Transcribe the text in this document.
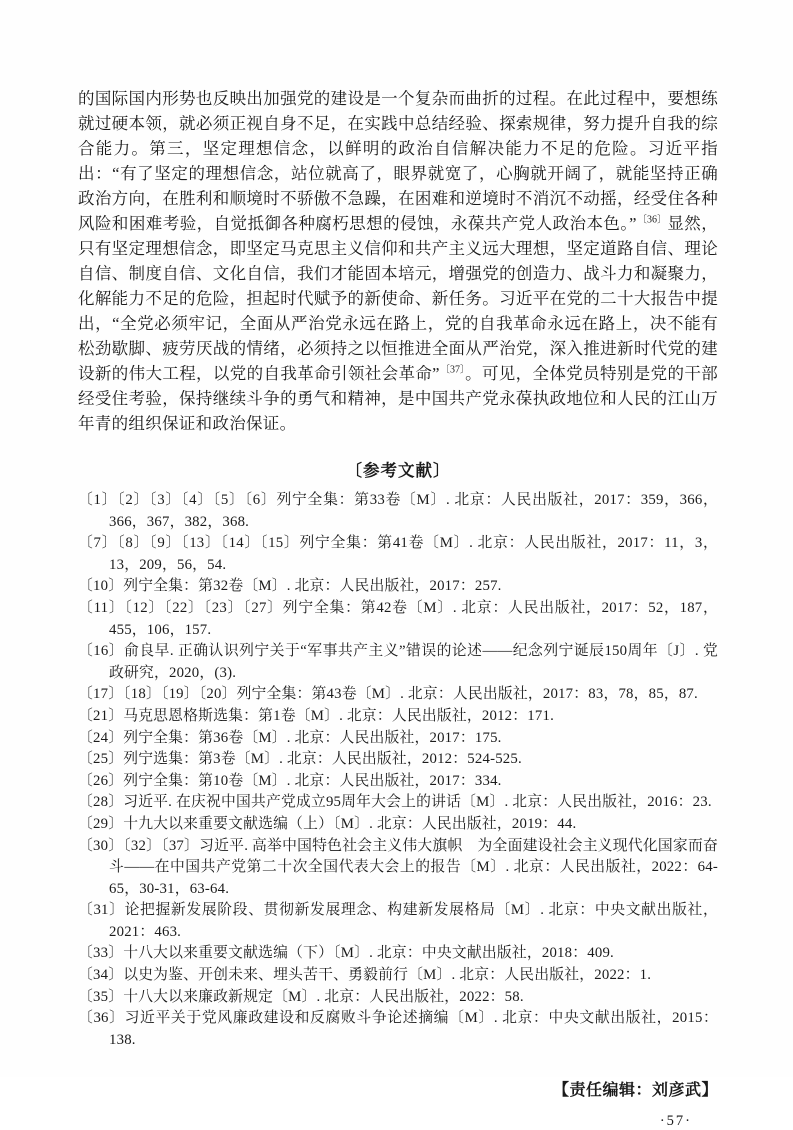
的国际国内形势也反映出加强党的建设是一个复杂而曲折的过程。在此过程中，要想练就过硬本领，就必须正视自身不足，在实践中总结经验、探索规律，努力提升自我的综合能力。第三，坚定理想信念，以鲜明的政治自信解决能力不足的危险。习近平指出：“有了坚定的理想信念，站位就高了，眼界就宽了，心胸就开阔了，就能坚持正确政治方向，在胜利和顺境时不骄傲不急躁，在困难和逆境时不消沉不动摇，经受住各种风险和困难考验，自觉抵御各种腐朽思想的侵蚀，永葆共产党人政治本色。”$^{〔36〕}$显然，只有坚定理想信念，即坚定马克思主义信仰和共产主义远大理想，坚定道路自信、理论自信、制度自信、文化自信，我们才能固本培元，增强党的创造力、战斗力和凝聚力，化解能力不足的危险，担起时代赋予的新使命、新任务。习近平在党的二十大报告中提出，“全党必须牢记，全面从严治党永远在路上，党的自我革命永远在路上，决不能有松劲歇脚、疲劳厌战的情绪，必须持之以恒推进全面从严治党，深入推进新时代党的建设新的伟大工程，以党的自我革命引领社会革命”$^{〔37〕}$。可见，全体党员特别是党的干部经受住考验，保持继续斗争的勇气和精神，是中国共产党永葆执政地位和人民的江山万年青的组织保证和政治保证。

〔参考文献〕
〔1〕〔2〕〔3〕〔4〕〔5〕〔6〕列宁全集：第33卷〔M〕. 北京：人民出版社，2017：359，366，366，367，382，368.
〔7〕〔8〕〔9〕〔13〕〔14〕〔15〕列宁全集：第41卷〔M〕. 北京：人民出版社，2017：11，3，13，209，56，54.
〔10〕列宁全集：第32卷〔M〕. 北京：人民出版社，2017：257.
〔11〕〔12〕〔22〕〔23〕〔27〕列宁全集：第42卷〔M〕. 北京：人民出版社，2017：52，187，455，106，157.
〔16〕俞良早. 正确认识列宁关于“军事共产主义”错误的论述——纪念列宁诞辰150周年〔J〕. 党政研究，2020，(3).
〔17〕〔18〕〔19〕〔20〕列宁全集：第43卷〔M〕. 北京：人民出版社，2017：83，78，85，87.
〔21〕马克思恩格斯选集：第1卷〔M〕. 北京：人民出版社，2012：171.
〔24〕列宁全集：第36卷〔M〕. 北京：人民出版社，2017：175.
〔25〕列宁选集：第3卷〔M〕. 北京：人民出版社，2012：524-525.
〔26〕列宁全集：第10卷〔M〕. 北京：人民出版社，2017：334.
〔28〕习近平. 在庆祝中国共产党成立95周年大会上的讲话〔M〕. 北京：人民出版社，2016：23.
〔29〕十九大以来重要文献选编（上）〔M〕. 北京：人民出版社，2019：44.
〔30〕〔32〕〔37〕习近平. 高举中国特色社会主义伟大旗帜　为全面建设社会主义现代化国家而奋斗——在中国共产党第二十次全国代表大会上的报告〔M〕. 北京：人民出版社，2022：64-65，30-31，63-64.
〔31〕论把握新发展阶段、贯彻新发展理念、构建新发展格局〔M〕. 北京：中央文献出版社，2021：463.
〔33〕十八大以来重要文献选编（下）〔M〕. 北京：中央文献出版社，2018：409.
〔34〕以史为鉴、开创未来、埋头苦干、勇毅前行〔M〕. 北京：人民出版社，2022：1.
〔35〕十八大以来廉政新规定〔M〕. 北京：人民出版社，2022：58.
〔36〕习近平关于党风廉政建设和反腐败斗争论述摘编〔M〕. 北京：中央文献出版社，2015：138.
【责任编辑：刘彦武】
·57·
